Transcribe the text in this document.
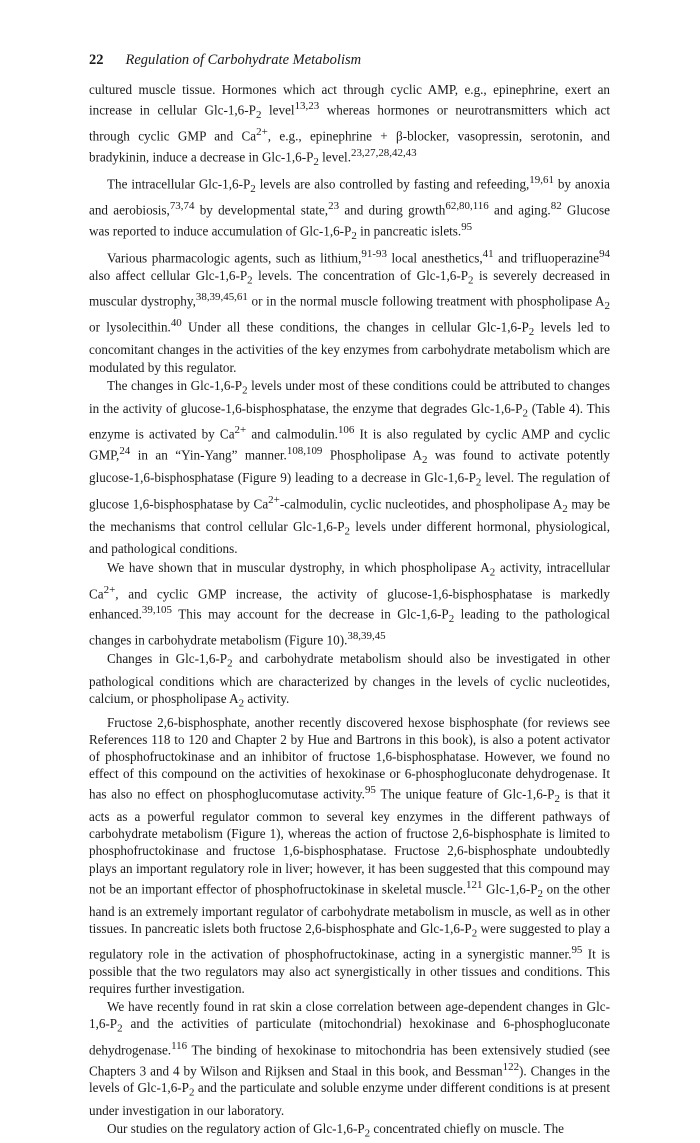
22 Regulation of Carbohydrate Metabolism

cultured muscle tissue. Hormones which act through cyclic AMP, e.g., epinephrine, exert an increase in cellular Glc-$1,6-P_2$ level$^{13,23}$ whereas hormones or neurotransmitters which act through cyclic GMP and $Ca^{2+}$, e.g., epinephrine + β-blocker, vasopressin, serotonin, and bradykinin, induce a decrease in Glc-$1,6-P_2$ level.$^{23,27,28,42,43}$

The intracellular Glc-$1,6-P_2$ levels are also controlled by fasting and refeeding,$^{19,61}$ by anoxia and aerobiosis,$^{73,74}$ by developmental state,$^{23}$ and during growth$^{62,80,116}$ and aging.$^{82}$ Glucose was reported to induce accumulation of Glc-$1,6-P_2$ in pancreatic islets.$^{95}$

Various pharmacologic agents, such as lithium,$^{91-93}$ local anesthetics,$^{41}$ and trifluoperazine$^{94}$ also affect cellular Glc-$1,6-P_2$ levels. The concentration of Glc-$1,6-P_2$ is severely decreased in muscular dystrophy,$^{38,39,45,61}$ or in the normal muscle following treatment with phospholipase $A_2$ or lysolecithin.$^{40}$ Under all these conditions, the changes in cellular Glc-$1,6-P_2$ levels led to concomitant changes in the activities of the key enzymes from carbohydrate metabolism which are modulated by this regulator.

The changes in Glc-$1,6-P_2$ levels under most of these conditions could be attributed to changes in the activity of glucose-1,6-bisphosphatase, the enzyme that degrades Glc-$1,6-P_2$ (Table 4). This enzyme is activated by $Ca^{2+}$ and calmodulin.$^{106}$ It is also regulated by cyclic AMP and cyclic GMP,$^{24}$ in an “Yin-Yang” manner.$^{108,109}$ Phospholipase $A_2$ was found to activate potently glucose-1,6-bisphosphatase (Figure 9) leading to a decrease in Glc-$1,6-P_2$ level. The regulation of glucose 1,6-bisphosphatase by $Ca^{2+}$-calmodulin, cyclic nucleotides, and phospholipase $A_2$ may be the mechanisms that control cellular Glc-$1,6-P_2$ levels under different hormonal, physiological, and pathological conditions.

We have shown that in muscular dystrophy, in which phospholipase $A_2$ activity, intracellular $Ca^{2+}$, and cyclic GMP increase, the activity of glucose-1,6-bisphosphatase is markedly enhanced.$^{39,105}$ This may account for the decrease in Glc-$1,6-P_2$ leading to the pathological changes in carbohydrate metabolism (Figure 10).$^{38,39,45}$

Changes in Glc-$1,6-P_2$ and carbohydrate metabolism should also be investigated in other pathological conditions which are characterized by changes in the levels of cyclic nucleotides, calcium, or phospholipase $A_2$ activity.

Fructose 2,6-bisphosphate, another recently discovered hexose bisphosphate (for reviews see References 118 to 120 and Chapter 2 by Hue and Bartrons in this book), is also a potent activator of phosphofructokinase and an inhibitor of fructose 1,6-bisphosphatase. However, we found no effect of this compound on the activities of hexokinase or 6-phosphogluconate dehydrogenase. It has also no effect on phosphoglucomutase activity.$^{95}$ The unique feature of Glc-$1,6-P_2$ is that it acts as a powerful regulator common to several key enzymes in the different pathways of carbohydrate metabolism (Figure 1), whereas the action of fructose 2,6-bisphosphate is limited to phosphofructokinase and fructose 1,6-bisphosphatase. Fructose 2,6-bisphosphate undoubtedly plays an important regulatory role in liver; however, it has been suggested that this compound may not be an important effector of phosphofructokinase in skeletal muscle.$^{121}$ Glc-$1,6-P_2$ on the other hand is an extremely important regulator of carbohydrate metabolism in muscle, as well as in other tissues. In pancreatic islets both fructose 2,6-bisphosphate and Glc-$1,6-P_2$ were suggested to play a regulatory role in the activation of phosphofructokinase, acting in a synergistic manner.$^{95}$ It is possible that the two regulators may also act synergistically in other tissues and conditions. This requires further investigation.

We have recently found in rat skin a close correlation between age-dependent changes in Glc-$1,6-P_2$ and the activities of particulate (mitochondrial) hexokinase and 6-phosphogluconate dehydrogenase.$^{116}$ The binding of hexokinase to mitochondria has been extensively studied (see Chapters 3 and 4 by Wilson and Rijksen and Staal in this book, and Bessman$^{122}$). Changes in the levels of Glc-$1,6-P_2$ and the particulate and soluble enzyme under different conditions is at present under investigation in our laboratory.

Our studies on the regulatory action of Glc-$1,6-P_2$ concentrated chiefly on muscle. The
